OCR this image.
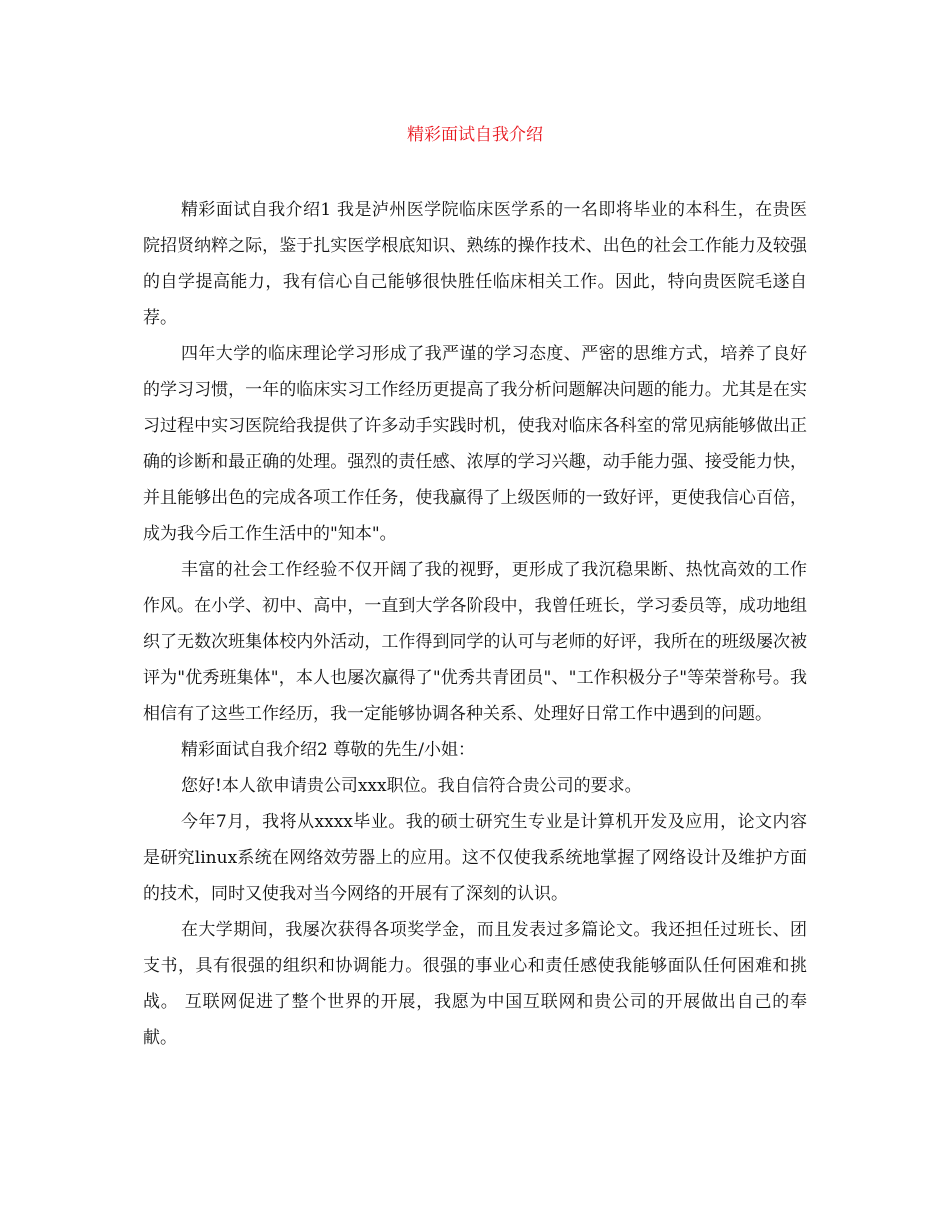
精彩面试自我介绍

精彩面试自我介绍1 我是泸州医学院临床医学系的一名即将毕业的本科生，在贵医院招贤纳粹之际，鉴于扎实医学根底知识、熟练的操作技术、出色的社会工作能力及较强的自学提高能力，我有信心自己能够很快胜任临床相关工作。因此，特向贵医院毛遂自荐。

四年大学的临床理论学习形成了我严谨的学习态度、严密的思维方式，培养了良好的学习习惯，一年的临床实习工作经历更提高了我分析问题解决问题的能力。尤其是在实习过程中实习医院给我提供了许多动手实践时机，使我对临床各科室的常见病能够做出正确的诊断和最正确的处理。强烈的责任感、浓厚的学习兴趣，动手能力强、接受能力快，并且能够出色的完成各项工作任务，使我赢得了上级医师的一致好评，更使我信心百倍，成为我今后工作生活中的"知本"。

丰富的社会工作经验不仅开阔了我的视野，更形成了我沉稳果断、热忱高效的工作作风。在小学、初中、高中，一直到大学各阶段中，我曾任班长，学习委员等，成功地组织了无数次班集体校内外活动，工作得到同学的认可与老师的好评，我所在的班级屡次被评为"优秀班集体"，本人也屡次赢得了"优秀共青团员"、"工作积极分子"等荣誉称号。我相信有了这些工作经历，我一定能够协调各种关系、处理好日常工作中遇到的问题。

精彩面试自我介绍2 尊敬的先生/小姐：

您好!本人欲申请贵公司xxx职位。我自信符合贵公司的要求。

今年7月，我将从xxxx毕业。我的硕士研究生专业是计算机开发及应用，论文内容是研究linux系统在网络效劳器上的应用。这不仅使我系统地掌握了网络设计及维护方面的技术，同时又使我对当今网络的开展有了深刻的认识。

在大学期间，我屡次获得各项奖学金，而且发表过多篇论文。我还担任过班长、团支书，具有很强的组织和协调能力。很强的事业心和责任感使我能够面队任何困难和挑战。 互联网促进了整个世界的开展，我愿为中国互联网和贵公司的开展做出自己的奉献。
